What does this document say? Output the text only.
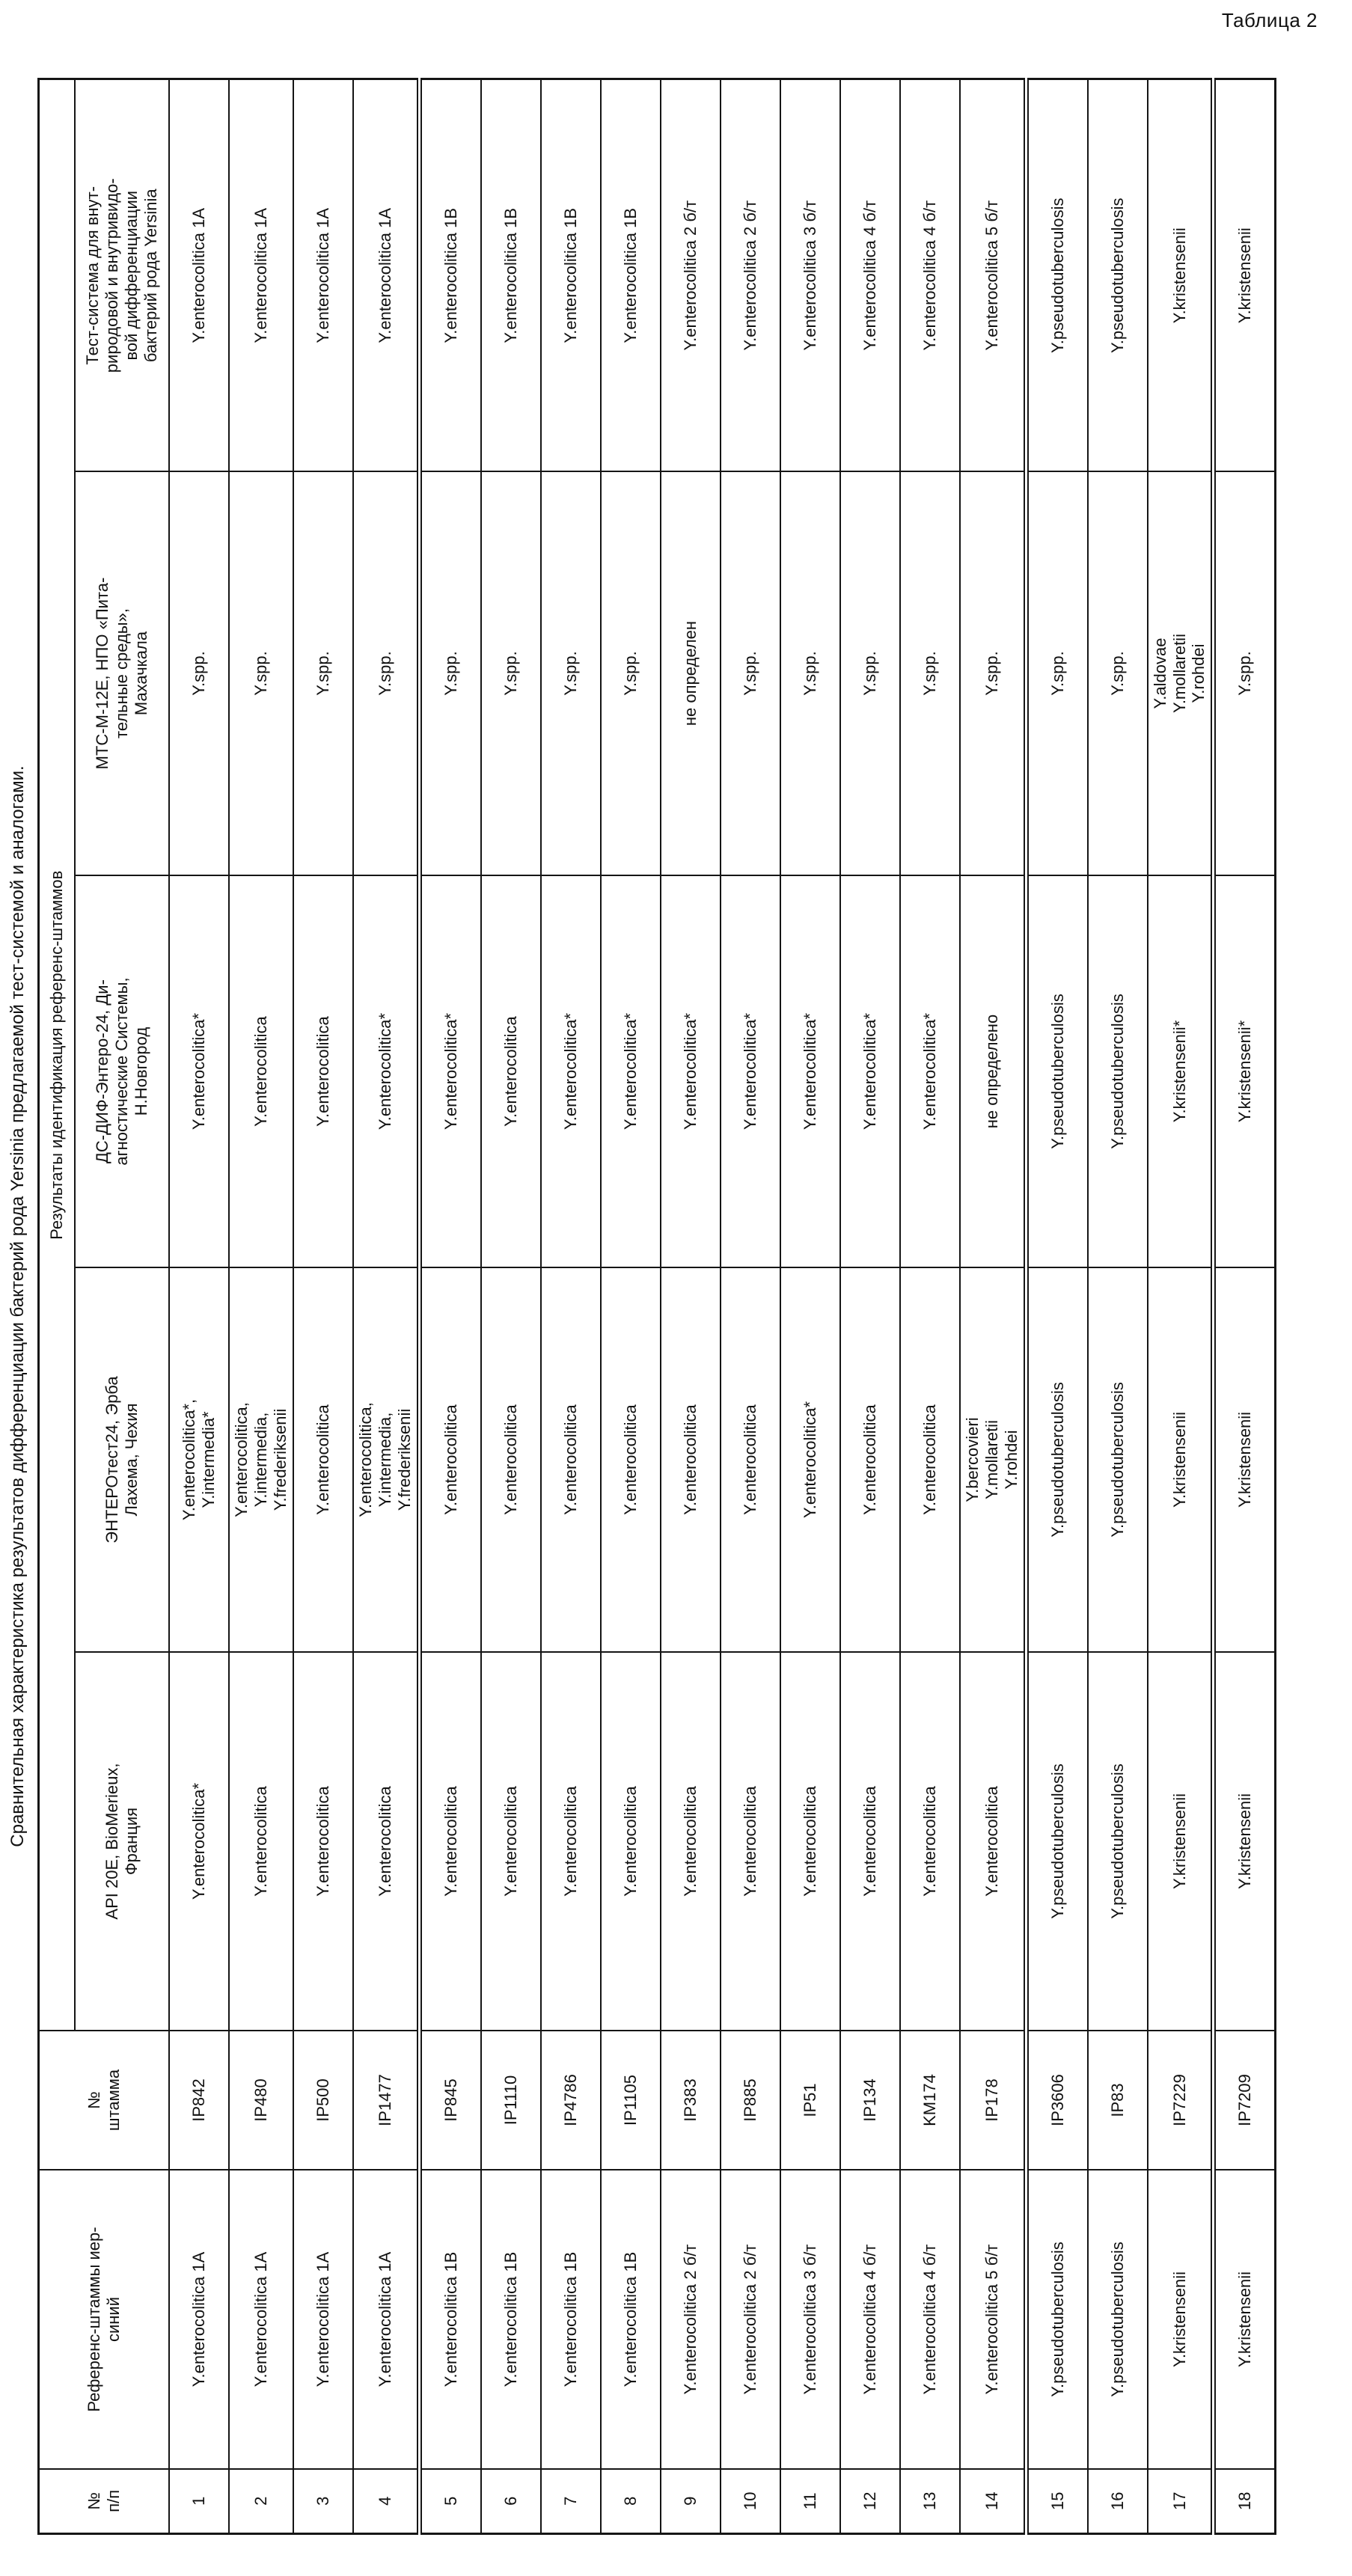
Таблица 2
Сравнительная характеристика результатов дифференциации бактерий рода Yersinia предлагаемой тест-системой и аналогами.
№
п/п	Референс-штаммы иер-
синий	№
штамма	Результаты идентификация референс-штаммов				
			API 20E, BioMerieux,
Франция	ЭНТЕРОтест24, Эрба
Лахема, Чехия	ДС-ДИФ-Энтеро-24, Ди-
агностические Системы,
Н.Новгород	МТС-М-12Е, НПО «Пита-
тельные среды»,
Махачкала	Тест-система для внут-
риродовой и внутривидо-
вой дифференциации
бактерий рода Yersinia
1	Y.enterocolitica 1A	IP842	Y.enterocolitica*	Y.enterocolitica*,
Y.intermedia*	Y.enterocolitica*	Y.spp.	Y.enterocolitica 1A
2	Y.enterocolitica 1A	IP480	Y.enterocolitica	Y.enterocolitica,
Y.intermedia,
Y.frederiksenii	Y.enterocolitica	Y.spp.	Y.enterocolitica 1A
3	Y.enterocolitica 1A	IP500	Y.enterocolitica	Y.enterocolitica	Y.enterocolitica	Y.spp.	Y.enterocolitica 1A
4	Y.enterocolitica 1A	IP1477	Y.enterocolitica	Y.enterocolitica,
Y.intermedia,
Y.frederiksenii	Y.enterocolitica*	Y.spp.	Y.enterocolitica 1A
5	Y.enterocolitica 1B	IP845	Y.enterocolitica	Y.enterocolitica	Y.enterocolitica*	Y.spp.	Y.enterocolitica 1B
6	Y.enterocolitica 1B	IP1110	Y.enterocolitica	Y.enterocolitica	Y.enterocolitica	Y.spp.	Y.enterocolitica 1B
7	Y.enterocolitica 1B	IP4786	Y.enterocolitica	Y.enterocolitica	Y.enterocolitica*	Y.spp.	Y.enterocolitica 1B
8	Y.enterocolitica 1B	IP1105	Y.enterocolitica	Y.enterocolitica	Y.enterocolitica*	Y.spp.	Y.enterocolitica 1B
9	Y.enterocolitica 2 б/т	IP383	Y.enterocolitica	Y.enterocolitica	Y.enterocolitica*	не определен	Y.enterocolitica 2 б/т
10	Y.enterocolitica 2 б/т	IP885	Y.enterocolitica	Y.enterocolitica	Y.enterocolitica*	Y.spp.	Y.enterocolitica 2 б/т
11	Y.enterocolitica 3 б/т	IP51	Y.enterocolitica	Y.enterocolitica*	Y.enterocolitica*	Y.spp.	Y.enterocolitica 3 б/т
12	Y.enterocolitica 4 б/т	IP134	Y.enterocolitica	Y.enterocolitica	Y.enterocolitica*	Y.spp.	Y.enterocolitica 4 б/т
13	Y.enterocolitica 4 б/т	KM174	Y.enterocolitica	Y.enterocolitica	Y.enterocolitica*	Y.spp.	Y.enterocolitica 4 б/т
14	Y.enterocolitica 5 б/т	IP178	Y.enterocolitica	Y.bercovieri
Y.mollaretii
Y.rohdei	не определено	Y.spp.	Y.enterocolitica 5 б/т
15	Y.pseudotuberculosis	IP3606	Y.pseudotuberculosis	Y.pseudotuberculosis	Y.pseudotuberculosis	Y.spp.	Y.pseudotuberculosis
16	Y.pseudotuberculosis	IP83	Y.pseudotuberculosis	Y.pseudotuberculosis	Y.pseudotuberculosis	Y.spp.	Y.pseudotuberculosis
17	Y.kristensenii	IP7229	Y.kristensenii	Y.kristensenii	Y.kristensenii*	Y.aldovae
Y.mollaretii
Y.rohdei	Y.kristensenii
18	Y.kristensenii	IP7209	Y.kristensenii	Y.kristensenii	Y.kristensenii*	Y.spp.	Y.kristensenii
